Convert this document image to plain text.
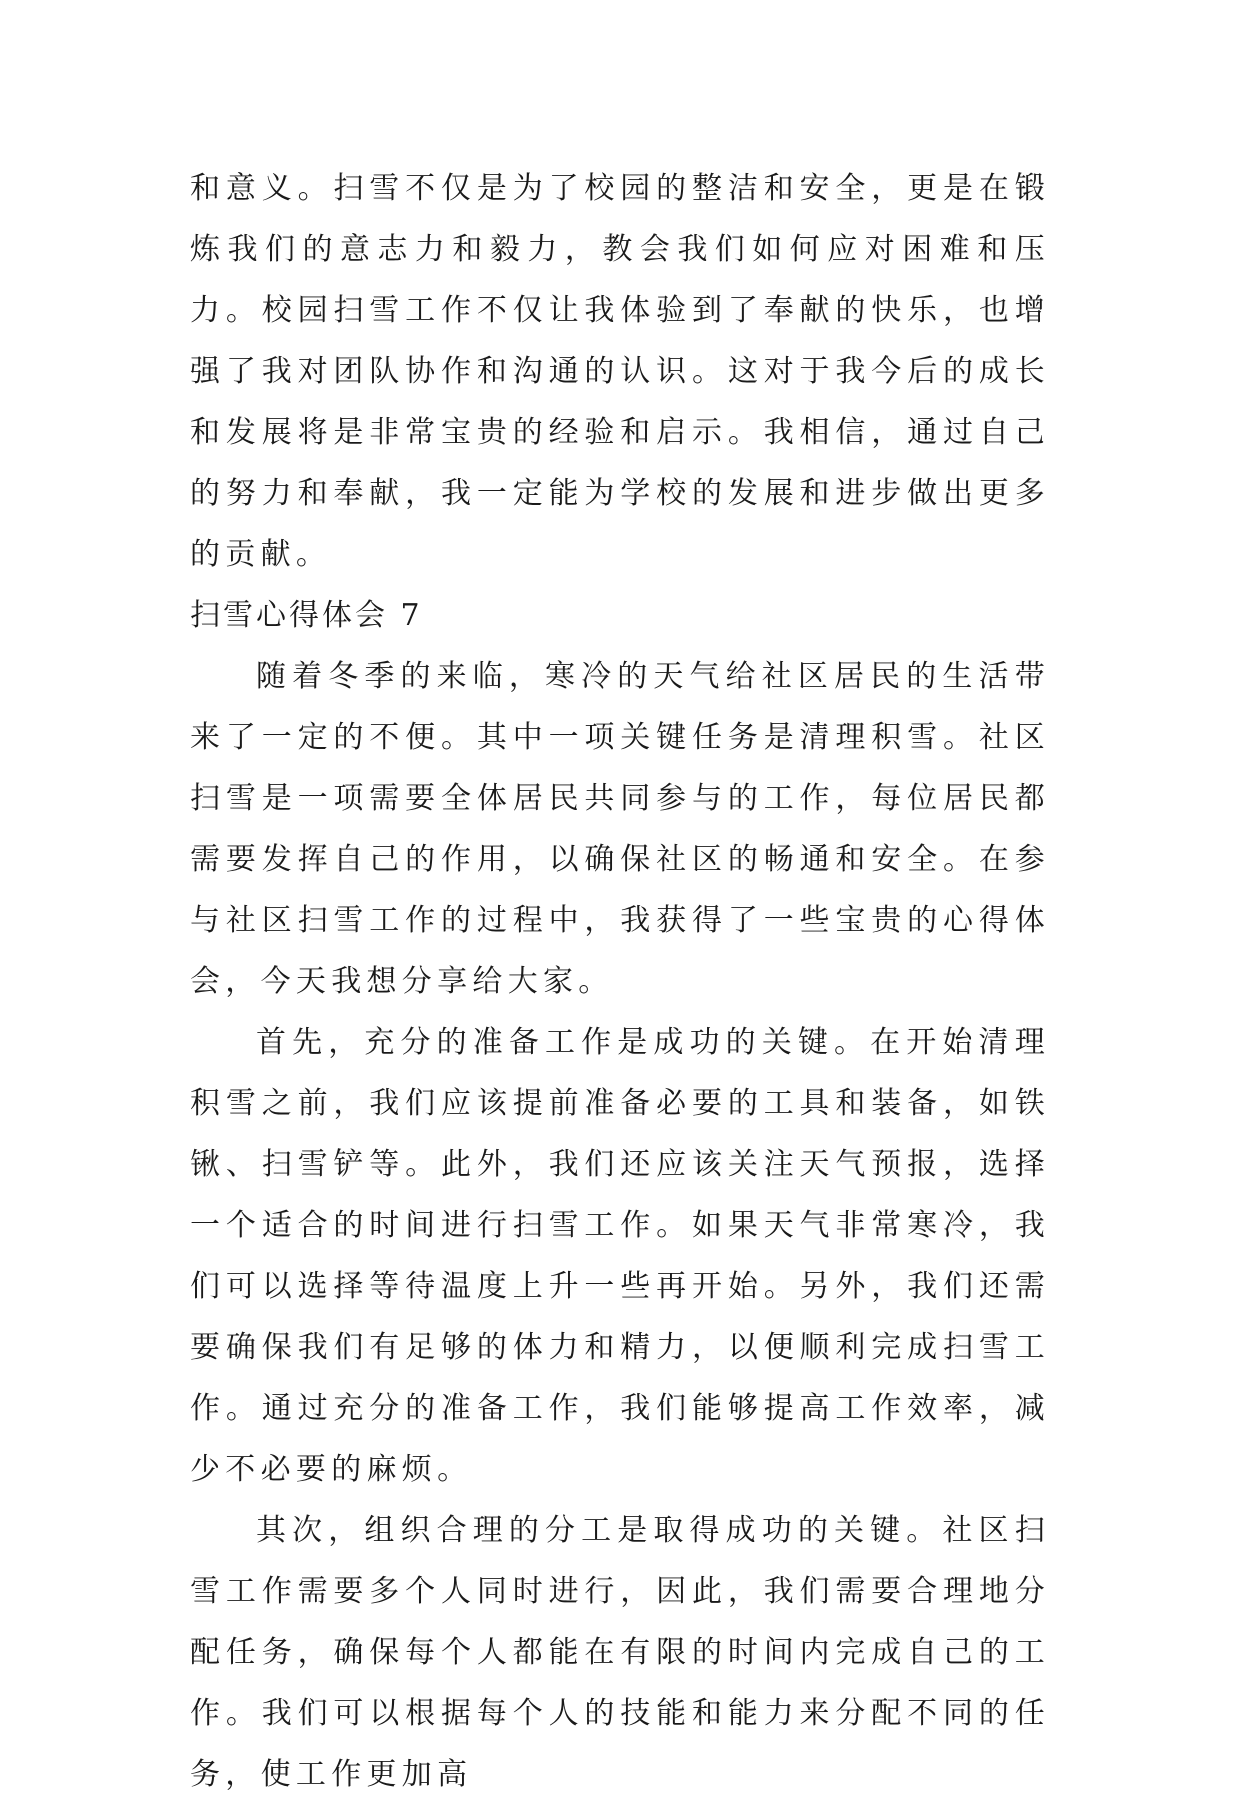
和意义。扫雪不仅是为了校园的整洁和安全，更是在锻炼我们的意志力和毅力，教会我们如何应对困难和压力。校园扫雪工作不仅让我体验到了奉献的快乐，也增强了我对团队协作和沟通的认识。这对于我今后的成长和发展将是非常宝贵的经验和启示。我相信，通过自己的努力和奉献，我一定能为学校的发展和进步做出更多的贡献。

扫雪心得体会 7

随着冬季的来临，寒冷的天气给社区居民的生活带来了一定的不便。其中一项关键任务是清理积雪。社区扫雪是一项需要全体居民共同参与的工作，每位居民都需要发挥自己的作用，以确保社区的畅通和安全。在参与社区扫雪工作的过程中，我获得了一些宝贵的心得体会，今天我想分享给大家。

首先，充分的准备工作是成功的关键。在开始清理积雪之前，我们应该提前准备必要的工具和装备，如铁锹、扫雪铲等。此外，我们还应该关注天气预报，选择一个适合的时间进行扫雪工作。如果天气非常寒冷，我们可以选择等待温度上升一些再开始。另外，我们还需要确保我们有足够的体力和精力，以便顺利完成扫雪工作。通过充分的准备工作，我们能够提高工作效率，减少不必要的麻烦。

其次，组织合理的分工是取得成功的关键。社区扫雪工作需要多个人同时进行，因此，我们需要合理地分配任务，确保每个人都能在有限的时间内完成自己的工作。我们可以根据每个人的技能和能力来分配不同的任务，使工作更加高
